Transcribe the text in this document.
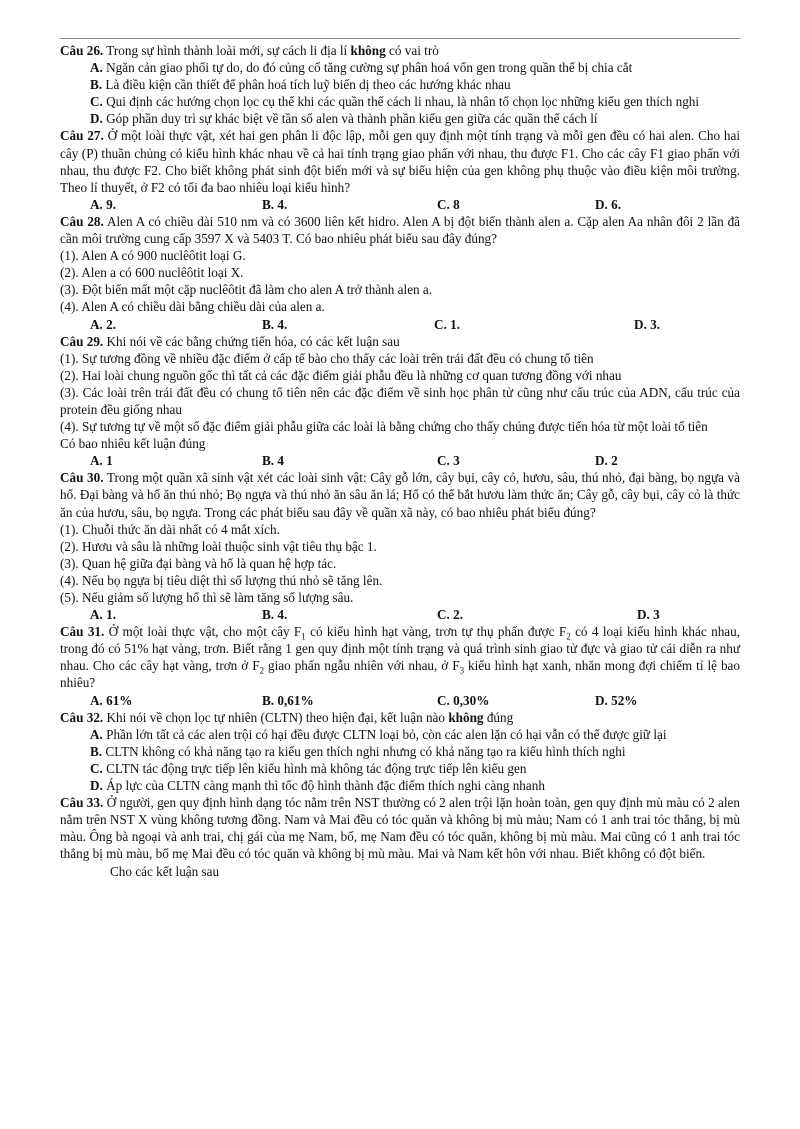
Câu 26. Trong sự hình thành loài mới, sự cách li địa lí không có vai trò

A. Ngăn cản giao phối tự do, do đó củng cố tăng cường sự phân hoá vốn gen trong quần thể bị chia cắt

B. Là điều kiện cần thiết để phân hoá tích luỹ biến dị theo các hướng khác nhau

C. Qui định các hướng chọn lọc cụ thể khi các quần thể cách li nhau, là nhân tố chọn lọc những kiểu gen thích nghi

D. Góp phần duy trì sự khác biệt về tần số alen và thành phần kiểu gen giữa các quần thể cách lí

Câu 27. Ở một loài thực vật, xét hai gen phân li độc lập, mỗi gen quy định một tính trạng và mỗi gen đều có hai alen. Cho hai cây (P) thuần chủng có kiểu hình khác nhau về cả hai tính trạng giao phấn với nhau, thu được F1. Cho các cây F1 giao phấn với nhau, thu được F2. Cho biết không phát sinh đột biến mới và sự biểu hiện của gen không phụ thuộc vào điều kiện môi trường. Theo lí thuyết, ở F2 có tối đa bao nhiêu loại kiểu hình?

A. 9.	B. 4.	C. 8	D. 6.

Câu 28. Alen A có chiều dài 510 nm và có 3600 liên kết hidro. Alen A bị đột biến thành alen a. Cặp alen Aa nhân đôi 2 lần đã cần môi trường cung cấp 3597 X và 5403 T. Có bao nhiêu phát biểu sau đây đúng?

(1). Alen A có 900 nuclêôtit loại G.

(2). Alen a có 600 nuclêôtit loại X.

(3). Đột biến mất một cặp nuclêôtit đã làm cho alen A trở thành alen a.

(4). Alen A có chiều dài bằng chiều dài của alen a.

A. 2.	B. 4.	C. 1.	D. 3.

Câu 29. Khi nói về các bằng chứng tiến hóa, có các kết luận sau

(1). Sự tương đồng về nhiều đặc điểm ở cấp tế bào cho thấy các loài trên trái đất đều có chung tổ tiên

(2). Hai loài chung nguồn gốc thì tất cả các đặc điểm giải phẫu đều là những cơ quan tương đồng với nhau

(3). Các loài trên trái đất đều có chung tổ tiên nên các đặc điểm về sinh học phân tử cũng như cấu trúc của ADN, cấu trúc của protein đều giống nhau

(4). Sự tương tự về một số đặc điểm giải phẫu giữa các loài là bằng chứng cho thấy chúng được tiến hóa từ một loài tổ tiên

Có bao nhiêu kết luận đúng

A. 1	B. 4	C. 3	D. 2

Câu 30. Trong một quần xã sinh vật xét các loài sinh vật: Cây gỗ lớn, cây bụi, cây cỏ, hươu, sâu, thú nhỏ, đại bàng, bọ ngựa và hổ. Đại bàng và hổ ăn thú nhỏ; Bọ ngựa và thú nhỏ ăn sâu ăn lá; Hổ có thể bắt hươu làm thức ăn; Cây gỗ, cây bụi, cây cỏ là thức ăn của hươu, sâu, bọ ngựa. Trong các phát biểu sau đây về quần xã này, có bao nhiêu phát biểu đúng?

(1). Chuỗi thức ăn dài nhất có 4 mắt xích.

(2). Hươu và sâu là những loài thuộc sinh vật tiêu thụ bậc 1.

(3). Quan hệ giữa đại bàng và hổ là quan hệ hợp tác.

(4). Nếu bọ ngựa bị tiêu diệt thì số lượng thú nhỏ sẽ tăng lên.

(5). Nếu giảm số lượng hổ thì sẽ làm tăng số lượng sâu.

A. 1.	B. 4.	C. 2.	D. 3

Câu 31. Ở một loài thực vật, cho một cây $F_1$ có kiểu hình hạt vàng, trơn tự thụ phấn được $F_2$ có 4 loại kiểu hình khác nhau, trong đó có 51% hạt vàng, trơn. Biết rằng 1 gen quy định một tính trạng và quá trình sinh giao tử đực và giao tử cái diễn ra như nhau. Cho các cây hạt vàng, trơn ở $F_2$ giao phấn ngẫu nhiên với nhau, ở $F_3$ kiểu hình hạt xanh, nhăn mong đợi chiếm tỉ lệ bao nhiêu?

A. 61%	B. 0,61%	C. 0,30%	D. 52%

Câu 32. Khi nói về chọn lọc tự nhiên (CLTN) theo hiện đại, kết luận nào không đúng

A. Phần lớn tất cả các alen trội có hại đều được CLTN loại bỏ, còn các alen lặn có hại vẫn có thể được giữ lại

B. CLTN không có khả năng tạo ra kiểu gen thích nghi nhưng có khả năng tạo ra kiểu hình thích nghi

C. CLTN tác động trực tiếp lên kiểu hình mà không tác động trực tiếp lên kiểu gen

D. Áp lực của CLTN càng mạnh thì tốc độ hình thành đặc điểm thích nghi càng nhanh

Câu 33. Ở người, gen quy định hình dạng tóc nằm trên NST thường có 2 alen trội lặn hoàn toàn, gen quy định mù màu có 2 alen nằm trên NST X vùng không tương đồng. Nam và Mai đều có tóc quăn và không bị mù màu; Nam có 1 anh trai tóc thẳng, bị mù màu. Ông bà ngoại và anh trai, chị gái của mẹ Nam, bố, mẹ Nam đều có tóc quăn, không bị mù màu. Mai cũng có 1 anh trai tóc thẳng bị mù màu, bố mẹ Mai đều có tóc quăn và không bị mù màu. Mai và Nam kết hôn với nhau. Biết không có đột biến.

Cho các kết luận sau
